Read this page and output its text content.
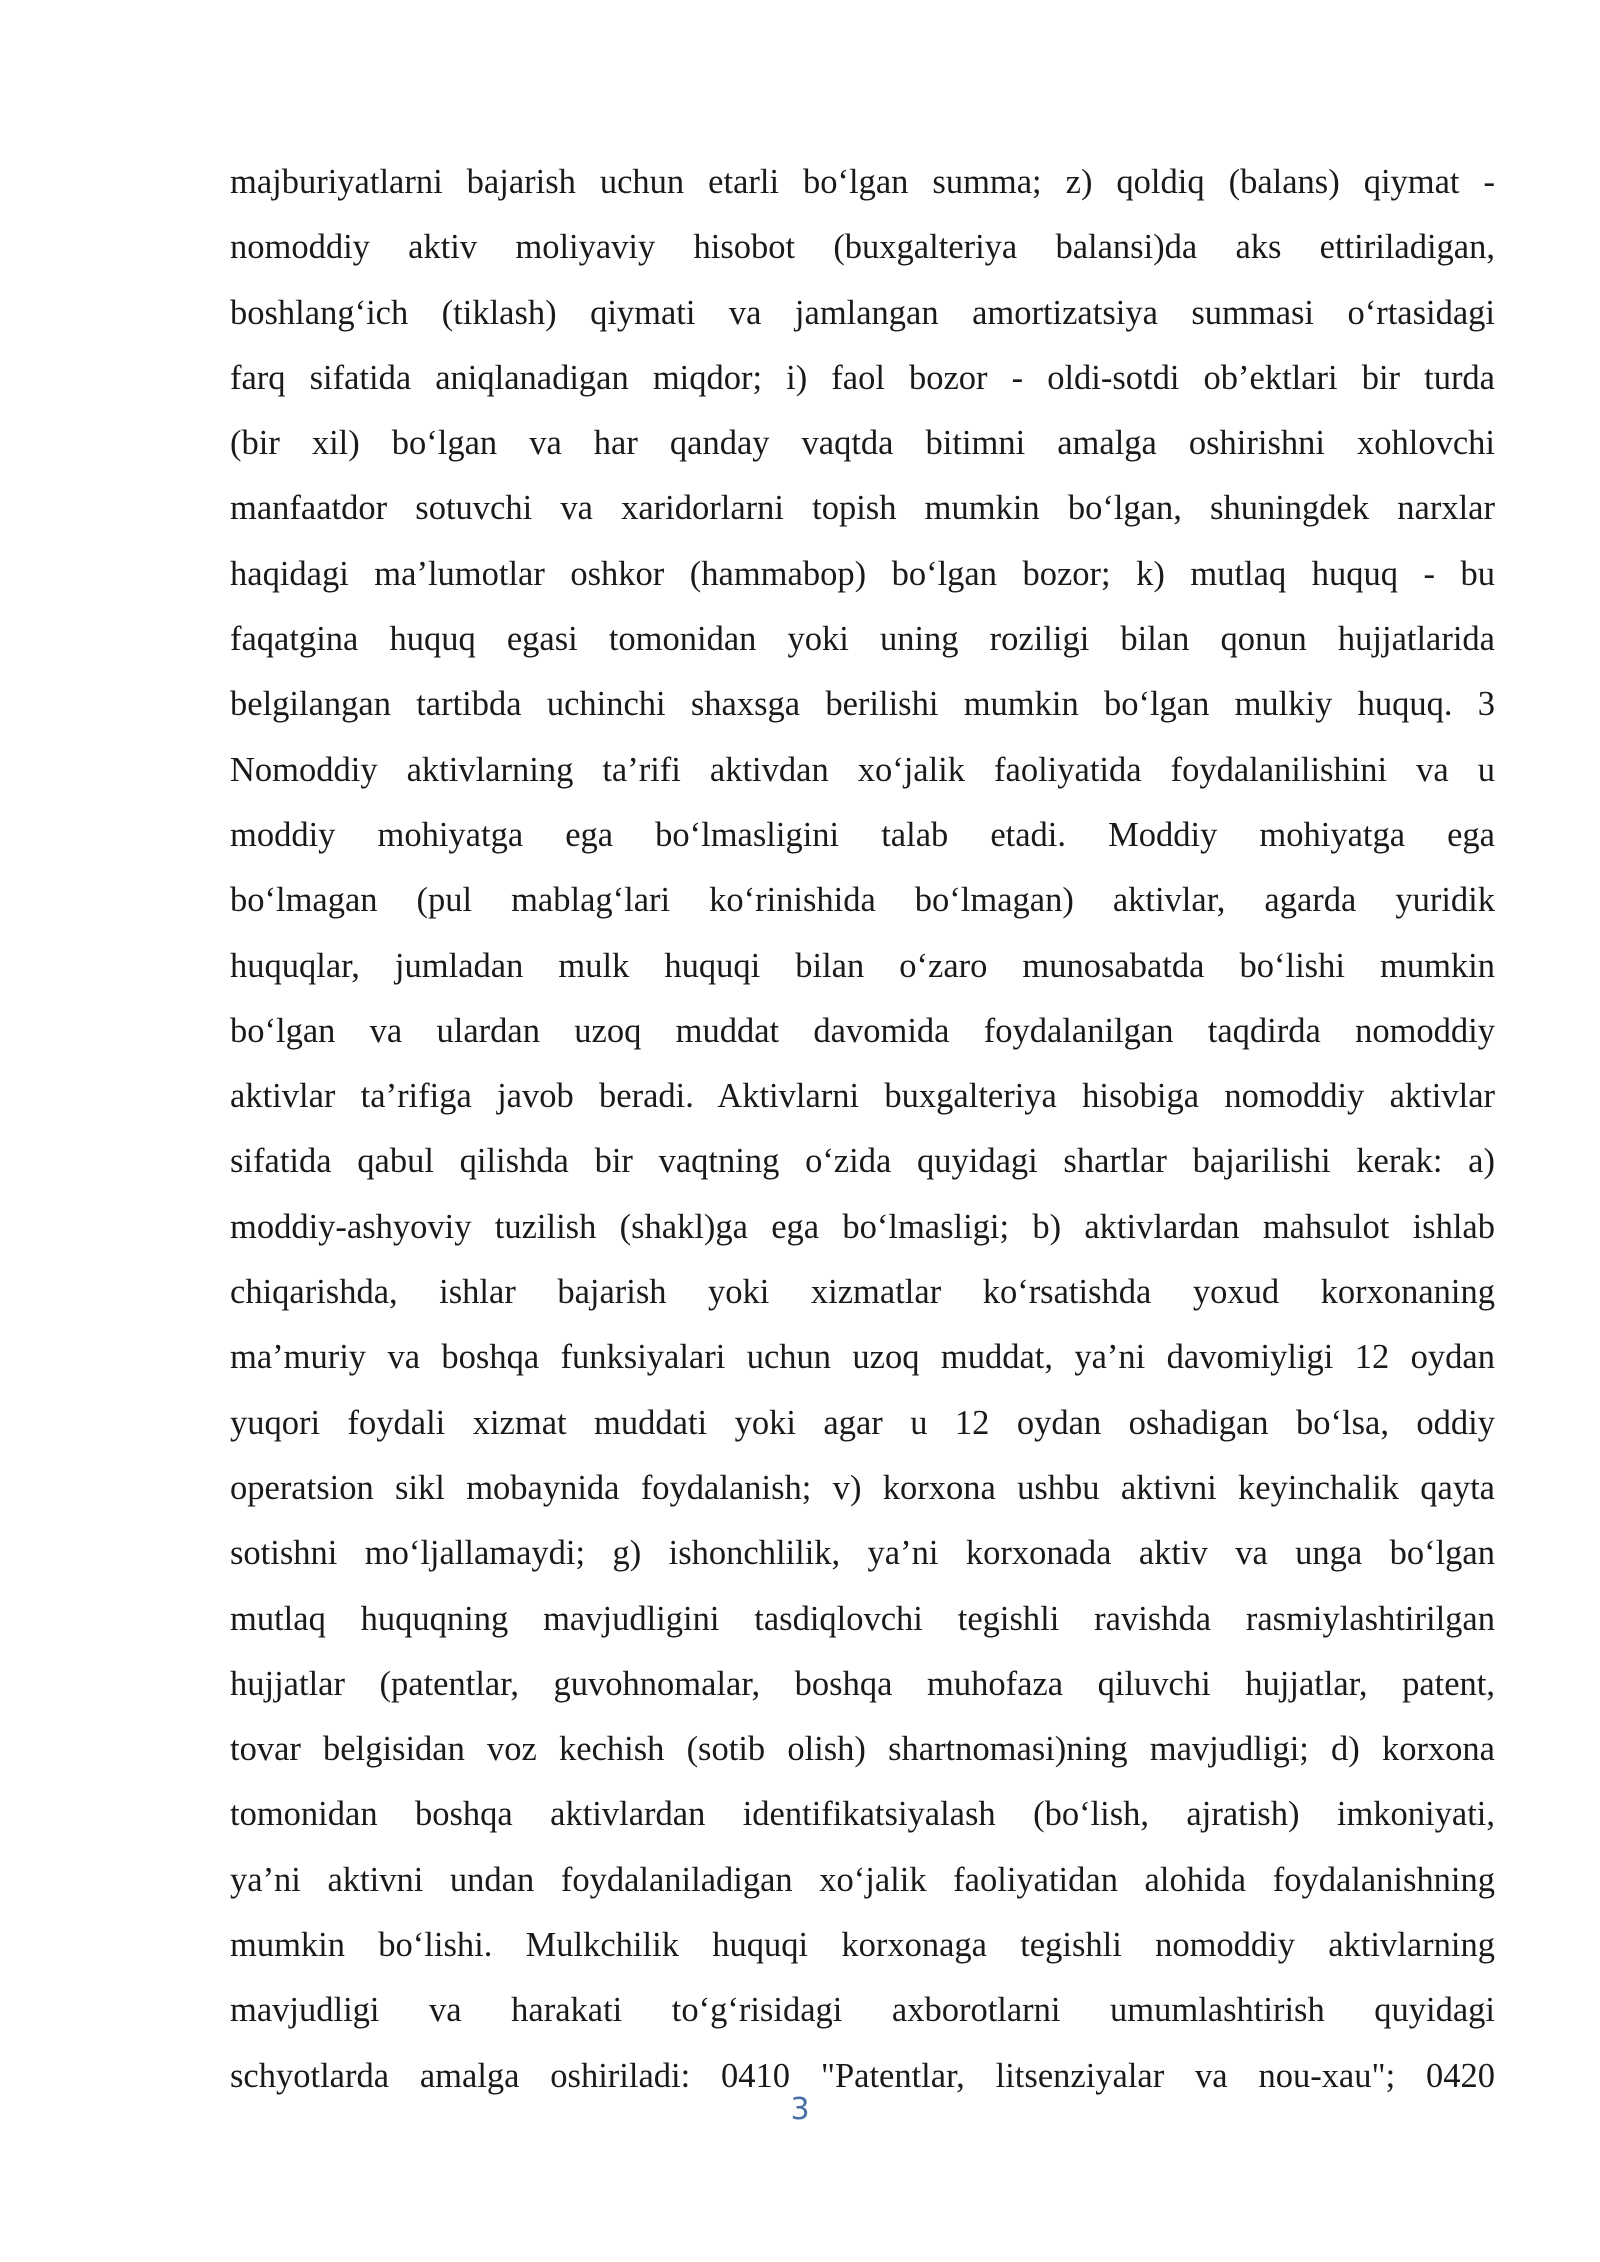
majburiyatlarni bajarish uchun etarli bo‘lgan summa; z) qoldiq (balans) qiymat -
nomoddiy aktiv moliyaviy hisobot (buxgalteriya balansi)da aks ettiriladigan,
boshlang‘ich (tiklash) qiymati va jamlangan amortizatsiya summasi o‘rtasidagi
farq sifatida aniqlanadigan miqdor; i) faol bozor - oldi-sotdi ob’ektlari bir turda
(bir xil) bo‘lgan va har qanday vaqtda bitimni amalga oshirishni xohlovchi
manfaatdor sotuvchi va xaridorlarni topish mumkin bo‘lgan, shuningdek narxlar
haqidagi ma’lumotlar oshkor (hammabop) bo‘lgan bozor; k) mutlaq huquq - bu
faqatgina huquq egasi tomonidan yoki uning roziligi bilan qonun hujjatlarida
belgilangan tartibda uchinchi shaxsga berilishi mumkin bo‘lgan mulkiy huquq. 3
Nomoddiy aktivlarning ta’rifi aktivdan xo‘jalik faoliyatida foydalanilishini va u
moddiy mohiyatga ega bo‘lmasligini talab etadi. Moddiy mohiyatga ega
bo‘lmagan (pul mablag‘lari ko‘rinishida bo‘lmagan) aktivlar, agarda yuridik
huquqlar, jumladan mulk huquqi bilan o‘zaro munosabatda bo‘lishi mumkin
bo‘lgan va ulardan uzoq muddat davomida foydalanilgan taqdirda nomoddiy
aktivlar ta’rifiga javob beradi. Aktivlarni buxgalteriya hisobiga nomoddiy aktivlar
sifatida qabul qilishda bir vaqtning o‘zida quyidagi shartlar bajarilishi kerak: a)
moddiy-ashyoviy tuzilish (shakl)ga ega bo‘lmasligi; b) aktivlardan mahsulot ishlab
chiqarishda, ishlar bajarish yoki xizmatlar ko‘rsatishda yoxud korxonaning
ma’muriy va boshqa funksiyalari uchun uzoq muddat, ya’ni davomiyligi 12 oydan
yuqori foydali xizmat muddati yoki agar u 12 oydan oshadigan bo‘lsa, oddiy
operatsion sikl mobaynida foydalanish; v) korxona ushbu aktivni keyinchalik qayta
sotishni mo‘ljallamaydi; g) ishonchlilik, ya’ni korxonada aktiv va unga bo‘lgan
mutlaq huquqning mavjudligini tasdiqlovchi tegishli ravishda rasmiylashtirilgan
hujjatlar (patentlar, guvohnomalar, boshqa muhofaza qiluvchi hujjatlar, patent,
tovar belgisidan voz kechish (sotib olish) shartnomasi)ning mavjudligi; d) korxona
tomonidan boshqa aktivlardan identifikatsiyalash (bo‘lish, ajratish) imkoniyati,
ya’ni aktivni undan foydalaniladigan xo‘jalik faoliyatidan alohida foydalanishning
mumkin bo‘lishi. Mulkchilik huquqi korxonaga tegishli nomoddiy aktivlarning
mavjudligi va harakati to‘g‘risidagi axborotlarni umumlashtirish quyidagi
schyotlarda amalga oshiriladi: 0410 "Patentlar, litsenziyalar va nou-xau"; 0420
3
